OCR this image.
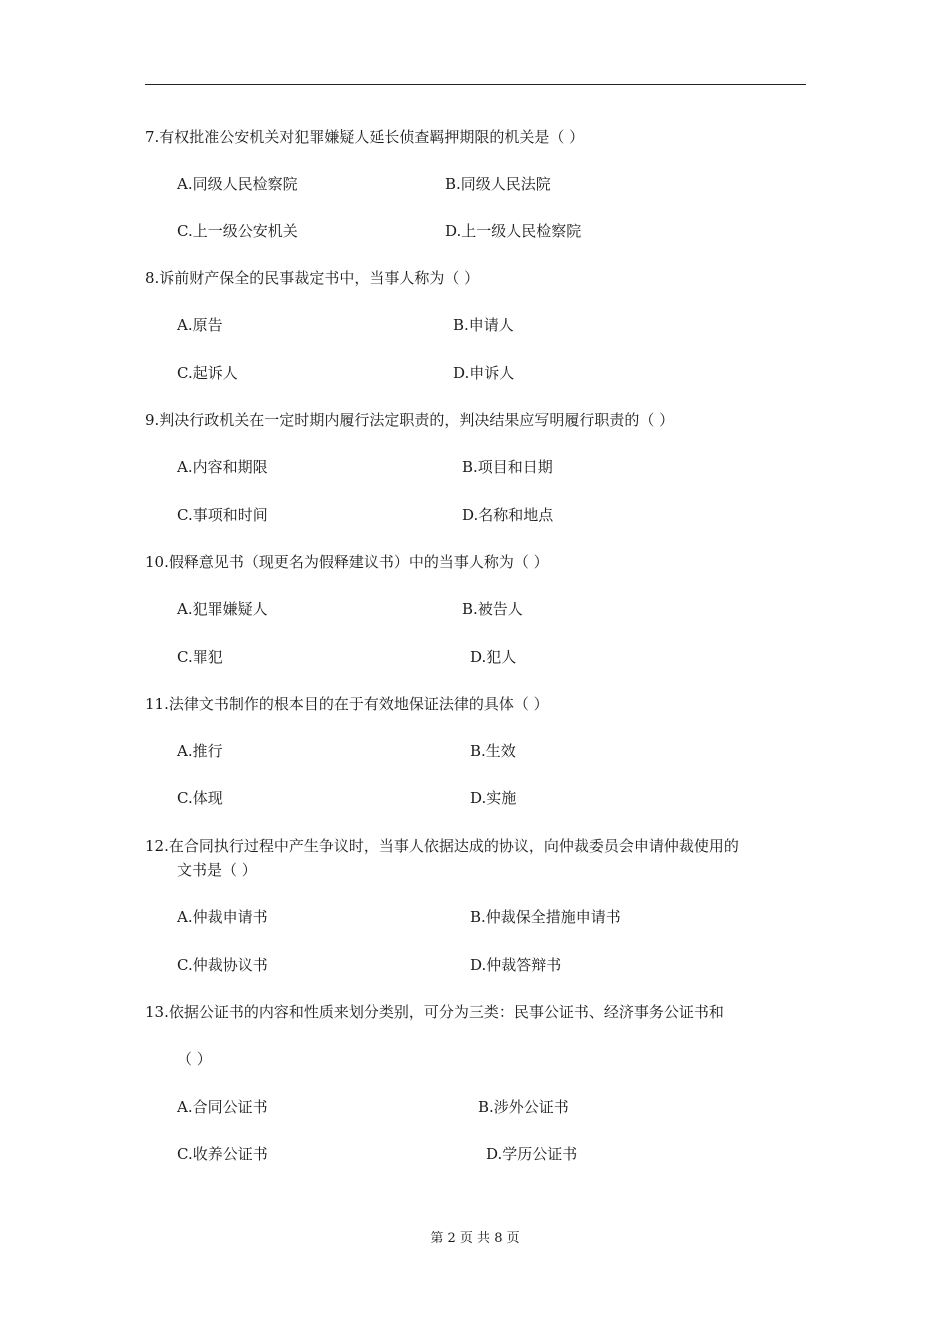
7.有权批准公安机关对犯罪嫌疑人延长侦查羁押期限的机关是（ ）
A.同级人民检察院	B.同级人民法院
C.上一级公安机关	D.上一级人民检察院
8.诉前财产保全的民事裁定书中，当事人称为（ ）
A.原告	B.申请人
C.起诉人	D.申诉人
9.判决行政机关在一定时期内履行法定职责的，判决结果应写明履行职责的（ ）
A.内容和期限	B.项目和日期
C.事项和时间	D.名称和地点
10.假释意见书（现更名为假释建议书）中的当事人称为（ ）
A.犯罪嫌疑人	B.被告人
C.罪犯	D.犯人
11.法律文书制作的根本目的在于有效地保证法律的具体（ ）
A.推行	B.生效
C.体现	D.实施
12.在合同执行过程中产生争议时，当事人依据达成的协议，向仲裁委员会申请仲裁使用的
文书是（ ）
A.仲裁申请书	B.仲裁保全措施申请书
C.仲裁协议书	D.仲裁答辩书
13.依据公证书的内容和性质来划分类别，可分为三类：民事公证书、经济事务公证书和
（ ）
A.合同公证书	B.涉外公证书
C.收养公证书	D.学历公证书
第 2 页 共 8 页
